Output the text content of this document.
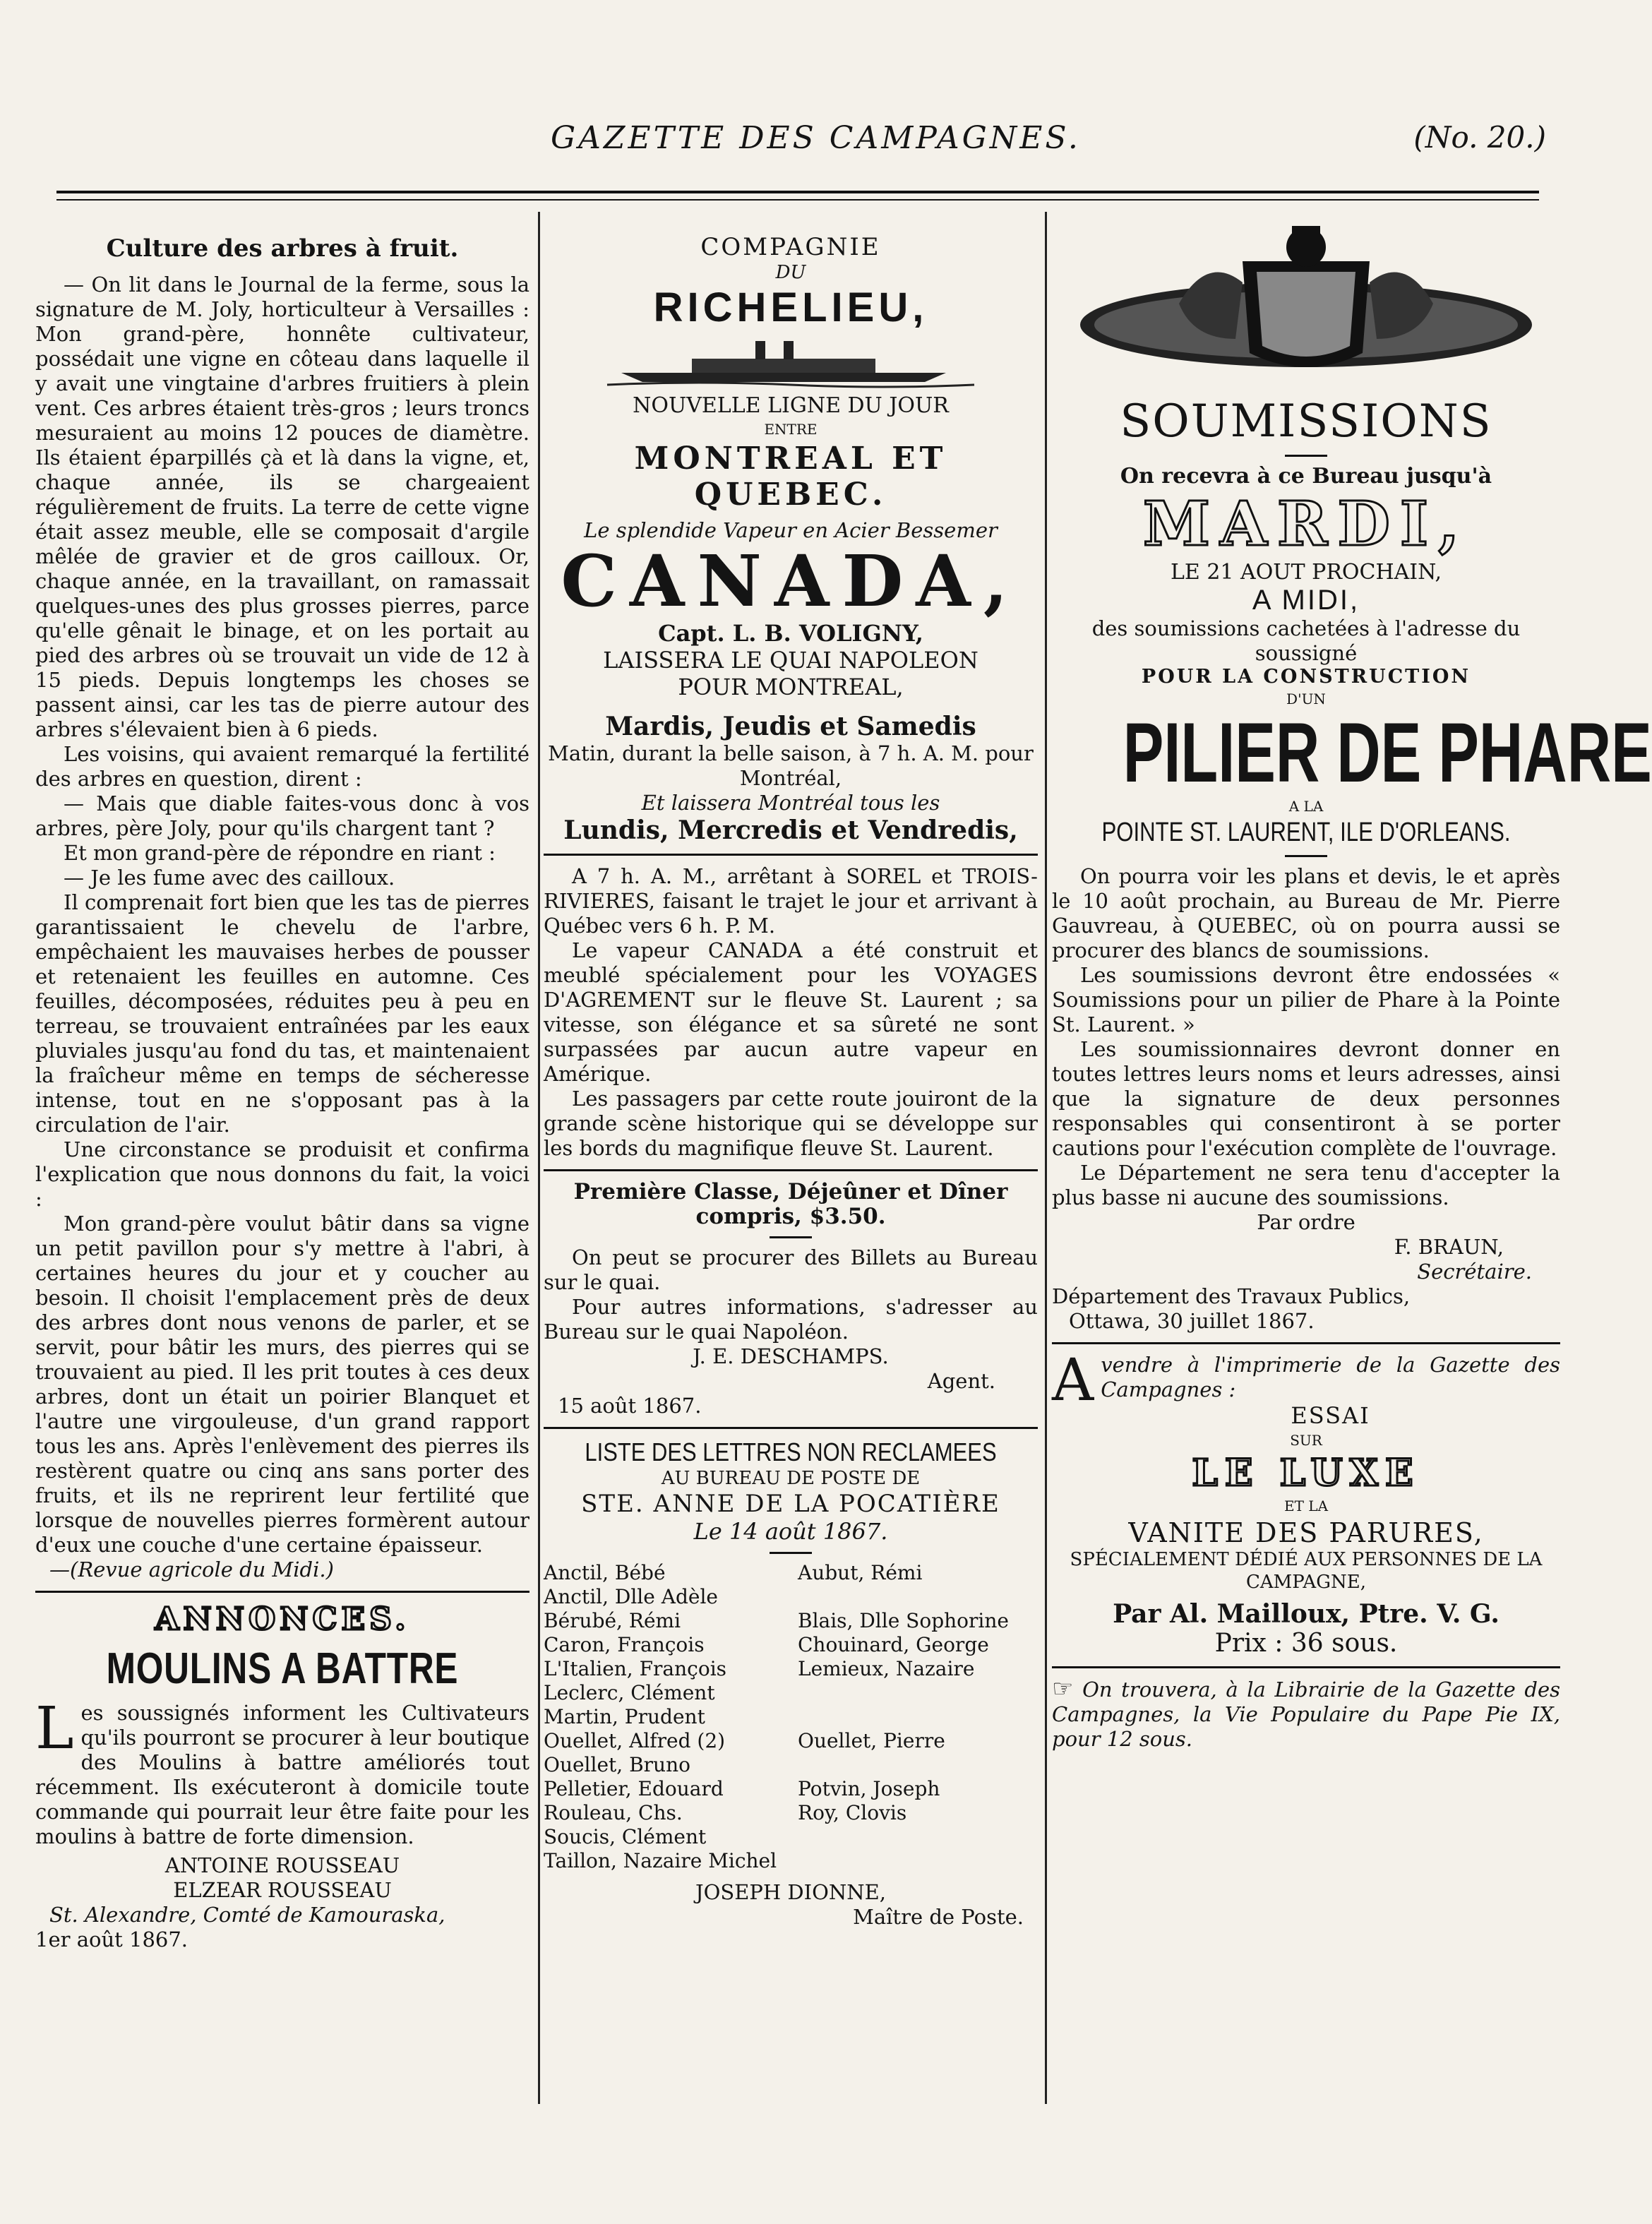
GAZETTE DES CAMPAGNES.	(No. 20.)
Culture des arbres à fruit.

— On lit dans le Journal de la ferme, sous la signature de M. Joly, horticulteur à Versailles : Mon grand-père, honnête cultivateur, possédait une vigne en côteau dans laquelle il y avait une vingtaine d'arbres fruitiers à plein vent. Ces arbres étaient très-gros ; leurs troncs mesuraient au moins 12 pouces de diamètre. Ils étaient éparpillés çà et là dans la vigne, et, chaque année, ils se chargeaient régulièrement de fruits. La terre de cette vigne était assez meuble, elle se composait d'argile mêlée de gravier et de gros cailloux. Or, chaque année, en la travaillant, on ramassait quelques-unes des plus grosses pierres, parce qu'elle gênait le binage, et on les portait au pied des arbres où se trouvait un vide de 12 à 15 pieds. Depuis longtemps les choses se passent ainsi, car les tas de pierre autour des arbres s'élevaient bien à 6 pieds.

Les voisins, qui avaient remarqué la fertilité des arbres en question, dirent :

— Mais que diable faites-vous donc à vos arbres, père Joly, pour qu'ils chargent tant ?

Et mon grand-père de répondre en riant :

— Je les fume avec des cailloux.

Il comprenait fort bien que les tas de pierres garantissaient le chevelu de l'arbre, empêchaient les mauvaises herbes de pousser et retenaient les feuilles en automne. Ces feuilles, décomposées, réduites peu à peu en terreau, se trouvaient entraînées par les eaux pluviales jusqu'au fond du tas, et maintenaient la fraîcheur même en temps de sécheresse intense, tout en ne s'opposant pas à la circulation de l'air.

Une circonstance se produisit et confirma l'explication que nous donnons du fait, la voici :

Mon grand-père voulut bâtir dans sa vigne un petit pavillon pour s'y mettre à l'abri, à certaines heures du jour et y coucher au besoin. Il choisit l'emplacement près de deux des arbres dont nous venons de parler, et se servit, pour bâtir les murs, des pierres qui se trouvaient au pied. Il les prit toutes à ces deux arbres, dont un était un poirier Blanquet et l'autre une virgouleuse, d'un grand rapport tous les ans. Après l'enlèvement des pierres ils restèrent quatre ou cinq ans sans porter des fruits, et ils ne reprirent leur fertilité que lorsque de nouvelles pierres formèrent autour d'eux une couche d'une certaine épaisseur.

—(Revue agricole du Midi.)

ANNONCES.
MOULINS A BATTRE
L es soussignés informent les Cultivateurs qu'ils pourront se procurer à leur boutique des Moulins à battre améliorés tout récemment. Ils exécuteront à domicile toute commande qui pourrait leur être faite pour les moulins à battre de forte dimension.

ANTOINE ROUSSEAU

ELZEAR ROUSSEAU

St. Alexandre, Comté de Kamouraska,

1er août 1867.

COMPAGNIE
DU
RICHELIEU,
NOUVELLE LIGNE DU JOUR
ENTRE
MONTREAL ET QUEBEC.
Le splendide Vapeur en Acier Bessemer
CANADA,
Capt. L. B. VOLIGNY,
LAISSERA LE QUAI NAPOLEON
POUR MONTREAL,
Mardis, Jeudis et Samedis

Matin, durant la belle saison, à 7 h. A. M. pour Montréal,

Et laissera Montréal tous les

Lundis, Mercredis et Vendredis,

A 7 h. A. M., arrêtant à SOREL et TROIS-RIVIERES, faisant le trajet le jour et arrivant à Québec vers 6 h. P. M.

Le vapeur CANADA a été construit et meublé spécialement pour les VOYAGES D'AGREMENT sur le fleuve St. Laurent ; sa vitesse, son élégance et sa sûreté ne sont surpassées par aucun autre vapeur en Amérique.

Les passagers par cette route jouiront de la grande scène historique qui se développe sur les bords du magnifique fleuve St. Laurent.

Première Classe, Déjeûner et Dîner compris, $3.50.

On peut se procurer des Billets au Bureau sur le quai.

Pour autres informations, s'adresser au Bureau sur le quai Napoléon.

J. E. DESCHAMPS.

Agent.

15 août 1867.

LISTE DES LETTRES NON RECLAMEES
AU BUREAU DE POSTE DE
STE. ANNE DE LA POCATIÈRE
Le 14 août 1867.
Anctil, Bébé	Aubut, Rémi
Anctil, Dlle Adèle
Bérubé, Rémi	Blais, Dlle Sophorine
Caron, François	Chouinard, George
L'Italien, François	Lemieux, Nazaire
Leclerc, Clément
Martin, Prudent
Ouellet, Alfred (2)	Ouellet, Pierre
Ouellet, Bruno
Pelletier, Edouard	Potvin, Joseph
Rouleau, Chs.	Roy, Clovis
Soucis, Clément
Taillon, Nazaire Michel

JOSEPH DIONNE,

Maître de Poste.

SOUMISSIONS
On recevra à ce Bureau jusqu'à
MARDI,
LE 21 AOUT PROCHAIN,
A MIDI,

des soumissions cachetées à l'adresse du soussigné

POUR LA CONSTRUCTION
D'UN
PILIER DE PHARE
A LA
POINTE ST. LAURENT, ILE D'ORLEANS.

On pourra voir les plans et devis, le et après le 10 août prochain, au Bureau de Mr. Pierre Gauvreau, à QUEBEC, où on pourra aussi se procurer des blancs de soumissions.

Les soumissions devront être endossées « Soumissions pour un pilier de Phare à la Pointe St. Laurent. »

Les soumissionnaires devront donner en toutes lettres leurs noms et leurs adresses, ainsi que la signature de deux personnes responsables qui consentiront à se porter cautions pour l'exécution complète de l'ouvrage.

Le Département ne sera tenu d'accepter la plus basse ni aucune des soumissions.

Par ordre

F. BRAUN,

Secrétaire.

Département des Travaux Publics,

Ottawa, 30 juillet 1867.

A vendre à l'imprimerie de la Gazette des Campagnes :

ESSAI
SUR
LE LUXE
ET LA
VANITE DES PARURES,

SPÉCIALEMENT DÉDIÉ AUX PERSONNES DE LA CAMPAGNE,

Par Al. Mailloux, Ptre. V. G.
Prix : 36 sous.

☞ On trouvera, à la Librairie de la Gazette des Campagnes, la Vie Populaire du Pape Pie IX, pour 12 sous.
